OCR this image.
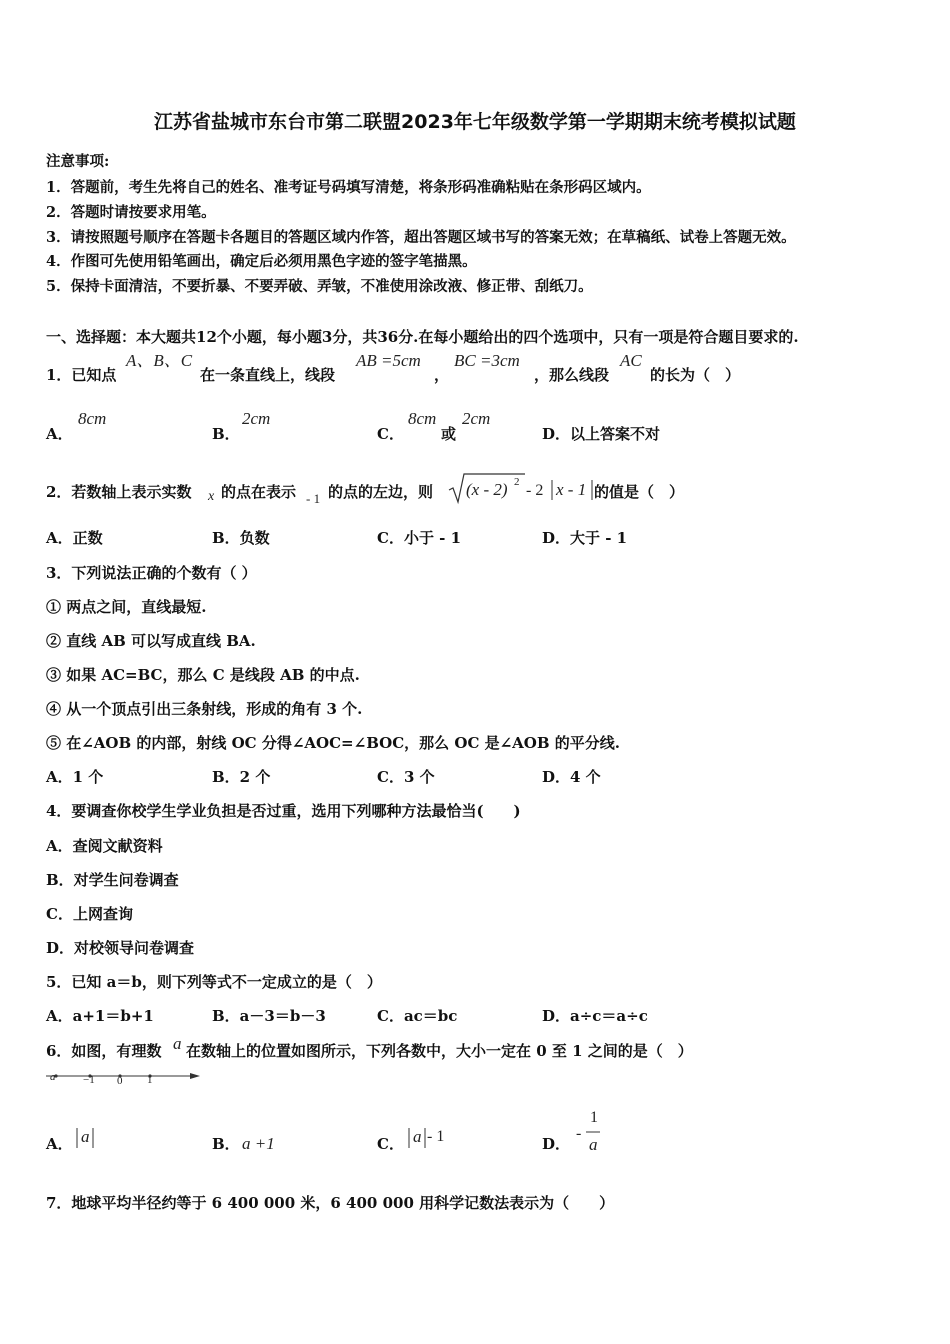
江苏省盐城市东台市第二联盟2023年七年级数学第一学期期末统考模拟试题
注意事项:
1．答题前，考生先将自己的姓名、准考证号码填写清楚，将条形码准确粘贴在条形码区域内。
2．答题时请按要求用笔。
3．请按照题号顺序在答题卡各题目的答题区域内作答，超出答题区域书写的答案无效；在草稿纸、试卷上答题无效。
4．作图可先使用铅笔画出，确定后必须用黑色字迹的签字笔描黑。
5．保持卡面清洁，不要折暴、不要弄破、弄皱，不准使用涂改液、修正带、刮纸刀。
一、选择题：本大题共12个小题，每小题3分，共36分.在每小题给出的四个选项中，只有一项是符合题目要求的.
1．已知点
A、B、C
在一条直线上，线段
AB =5cm
，
BC =3cm
，那么线段
AC
的长为（　）
A．
8cm
B．
2cm
C．
8cm
或
2cm
D．以上答案不对
2．若数轴上表示实数 x 的点在表示 - 1 的点的左边，则 (x - 2) 2 - 2 x - 1 的值是（　）
A．正数	B．负数	C．小于 - 1	D．大于 - 1
3．下列说法正确的个数有（ ）
① 两点之间，直线最短.
② 直线 AB 可以写成直线 BA.
③ 如果 AC=BC，那么 C 是线段 AB 的中点.
④ 从一个顶点引出三条射线，形成的角有 3 个.
⑤ 在∠AOB 的内部，射线 OC 分得∠AOC=∠BOC，那么 OC 是∠AOB 的平分线.
A．1 个	B．2 个	C．3 个	D．4 个
4．要调查你校学生学业负担是否过重，选用下列哪种方法最恰当(　　)
A．查阅文献资料
B．对学生问卷调查
C．上网查询
D．对校领导问卷调查
5．已知 a＝b，则下列等式不一定成立的是（　）
A．a+1＝b+1	B．a－3＝b－3	C．ac＝bc	D．a÷c＝a÷c
6．如图，有理数 a 在数轴上的位置如图所示，下列各数中，大小一定在 0 至 1 之间的是（　）
a	−1 0 1
A． a	B． a +1	C． a - 1	D．
-
1
a
7．地球平均半径约等于 6 400 000 米，6 400 000 用科学记数法表示为（　　）
